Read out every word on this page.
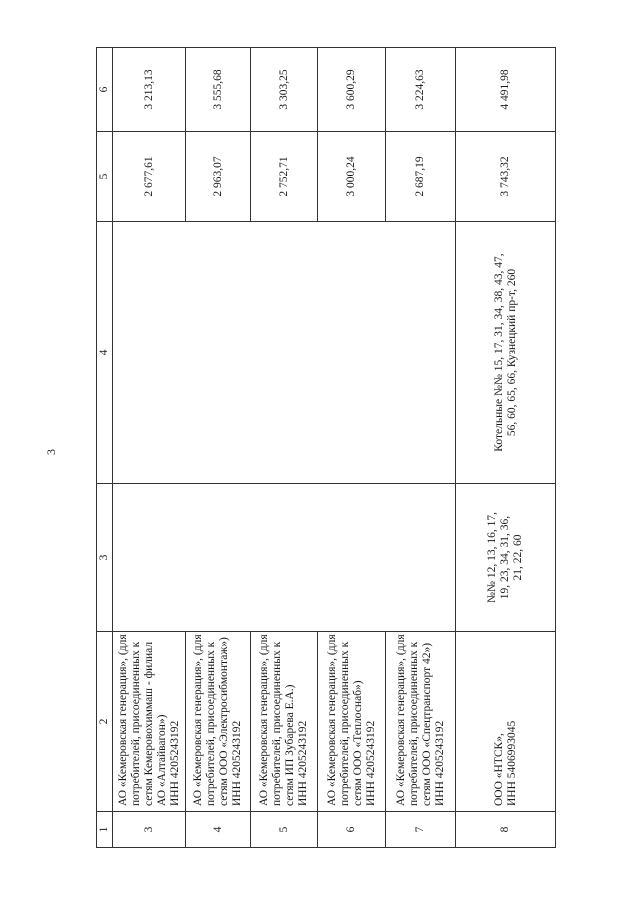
3
1	2	3	4	5	6
3	АО «Кемеровская генерация», (для потребителей, присоединенных к сетям Кемеровохиммаш - филиал АО «Алтайвагон») ИНН 4205243192			2 677,61	3 213,13
4	АО «Кемеровская генерация», (для потребителей, присоединенных к сетям ООО «Электросибмонтаж») ИНН 4205243192			2 963,07	3 555,68
5	АО «Кемеровская генерация», (для потребителей, присоединенных к сетям ИП Зубарева Е.А.) ИНН 4205243192			2 752,71	3 303,25
6	АО «Кемеровская генерация», (для потребителей, присоединенных к сетям ООО «Теплоснаб») ИНН 4205243192			3 000,24	3 600,29
7	АО «Кемеровская генерация», (для потребителей, присоединенных к сетям ООО «Спецтранспорт 42») ИНН 4205243192			2 687,19	3 224,63
8	ООО «НТСК», ИНН 5406993045	№№ 12, 13, 16, 17, 19, 23, 34, 31, 36, 21, 22, 60	Котельные №№ 15, 17, 31, 34, 38, 43, 47, 56, 60, 65, 66, Кузнецкий пр-т, 260	3 743,32	4 491,98
